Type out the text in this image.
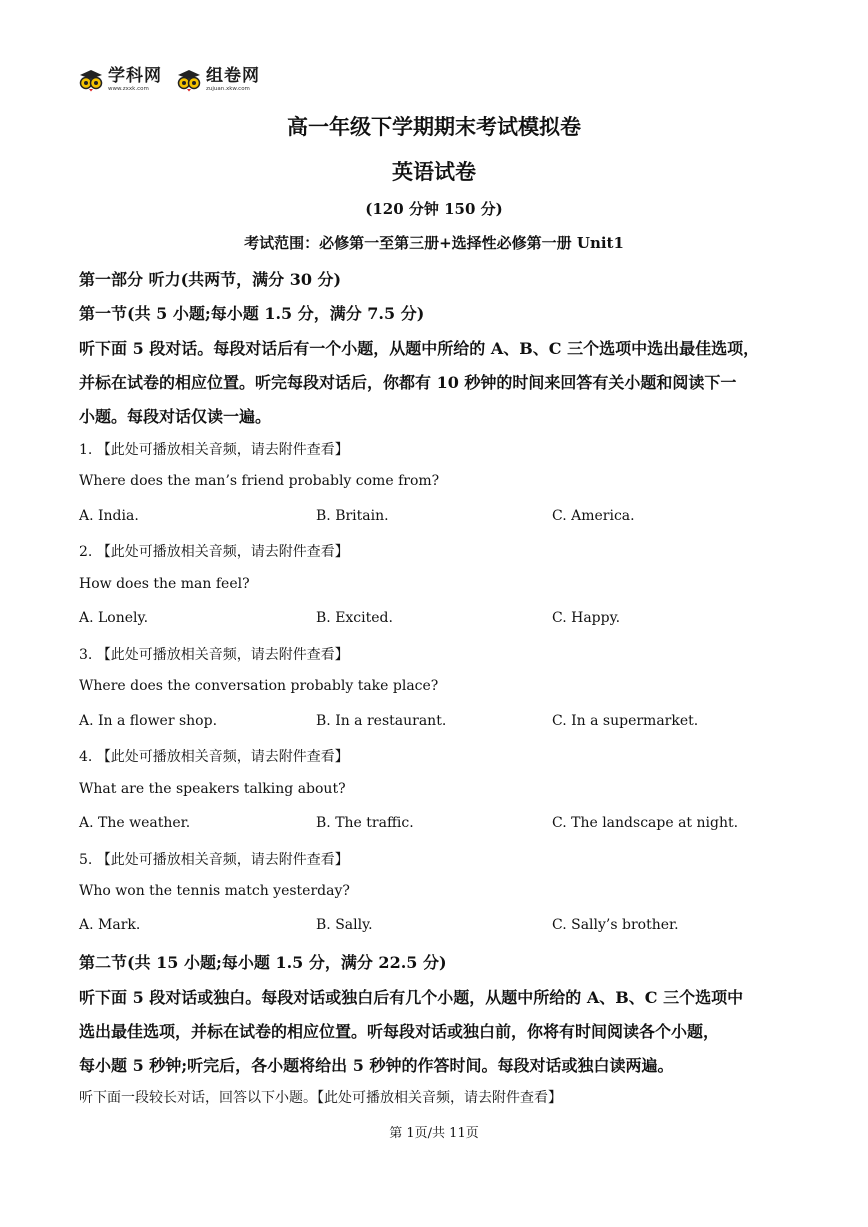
学科网
www.zxxk.com
组卷网
zujuan.xkw.com
高一年级下学期期末考试模拟卷
英语试卷
(120 分钟 150 分)
考试范围：必修第一至第三册+选择性必修第一册 Unit1
第一部分 听力(共两节，满分 30 分)
第一节(共 5 小题;每小题 1.5 分，满分 7.5 分)
听下面 5 段对话。每段对话后有一个小题，从题中所给的 A、B、C 三个选项中选出最佳选项，
并标在试卷的相应位置。听完每段对话后，你都有 10 秒钟的时间来回答有关小题和阅读下一
小题。每段对话仅读一遍。
1. 【此处可播放相关音频，请去附件查看】
Where does the man’s friend probably come from?
A. India.	B. Britain.	C. America.
2. 【此处可播放相关音频，请去附件查看】
How does the man feel?
A. Lonely.	B. Excited.	C. Happy.
3. 【此处可播放相关音频，请去附件查看】
Where does the conversation probably take place?
A. In a flower shop.	B. In a restaurant.	C. In a supermarket.
4. 【此处可播放相关音频，请去附件查看】
What are the speakers talking about?
A. The weather.	B. The traffic.	C. The landscape at night.
5. 【此处可播放相关音频，请去附件查看】
Who won the tennis match yesterday?
A. Mark.	B. Sally.	C. Sally’s brother.
第二节(共 15 小题;每小题 1.5 分，满分 22.5 分)
听下面 5 段对话或独白。每段对话或独白后有几个小题，从题中所给的 A、B、C 三个选项中
选出最佳选项，并标在试卷的相应位置。听每段对话或独白前，你将有时间阅读各个小题，
每小题 5 秒钟;听完后，各小题将给出 5 秒钟的作答时间。每段对话或独白读两遍。
听下面一段较长对话，回答以下小题。【此处可播放相关音频，请去附件查看】
第 1页/共 11页
